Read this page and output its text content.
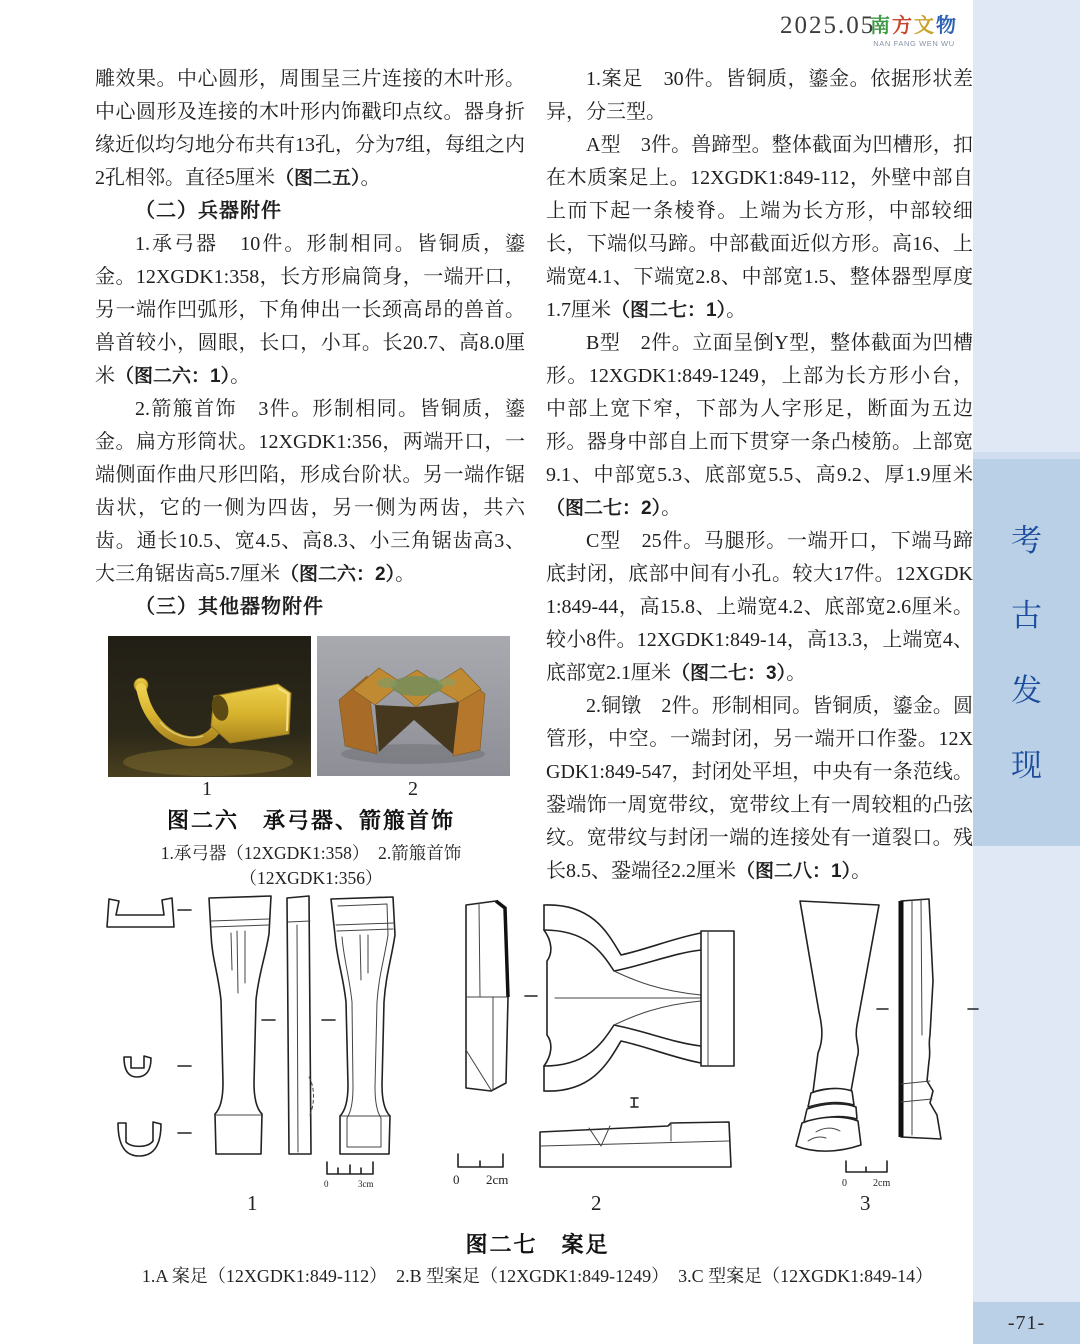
考
古
发
现
-71-
2025.05
南方文物
NAN FANG WEN WU
雕效果。中心圆形，周围呈三片连接的木叶形。中心圆形及连接的木叶形内饰戳印点纹。器身折缘近似均匀地分布共有13孔，分为7组，每组之内2孔相邻。直径5厘米（图二五）。
（二）兵器附件
1.承弓器　10件。形制相同。皆铜质，鎏金。12XGDK1:358，长方形扁筒身，一端开口，另一端作凹弧形，下角伸出一长颈高昂的兽首。兽首较小，圆眼，长口，小耳。长20.7、高8.0厘米（图二六：1）。
2.箭箙首饰　3件。形制相同。皆铜质，鎏金。扁方形筒状。12XGDK1:356，两端开口，一端侧面作曲尺形凹陷，形成台阶状。另一端作锯齿状，它的一侧为四齿，另一侧为两齿，共六齿。通长10.5、宽4.5、高8.3、小三角锯齿高3、大三角锯齿高5.7厘米（图二六：2）。
（三）其他器物附件
1.案足　30件。皆铜质，鎏金。依据形状差异，分三型。
A型　3件。兽蹄型。整体截面为凹槽形，扣在木质案足上。12XGDK1:849-112，外壁中部自上而下起一条棱脊。上端为长方形，中部较细长，下端似马蹄。中部截面近似方形。高16、上端宽4.1、下端宽2.8、中部宽1.5、整体器型厚度1.7厘米（图二七：1）。
B型　2件。立面呈倒Y型，整体截面为凹槽形。12XGDK1:849-1249，上部为长方形小台，中部上宽下窄，下部为人字形足，断面为五边形。器身中部自上而下贯穿一条凸棱筋。上部宽9.1、中部宽5.3、底部宽5.5、高9.2、厚1.9厘米（图二七：2）。
C型　25件。马腿形。一端开口，下端马蹄底封闭，底部中间有小孔。较大17件。12XGDK1:849-44，高15.8、上端宽4.2、底部宽2.6厘米。较小8件。12XGDK1:849-14，高13.3，上端宽4、底部宽2.1厘米（图二七：3）。
2.铜镦　2件。形制相同。皆铜质，鎏金。圆管形，中空。一端封闭，另一端开口作銎。12XGDK1:849-547，封闭处平坦，中央有一条范线。銎端饰一周宽带纹，宽带纹上有一周较粗的凸弦纹。宽带纹与封闭一端的连接处有一道裂口。残长8.5、銎端径2.2厘米（图二八：1）。
1	2
图二六　承弓器、箭箙首饰
1.承弓器（12XGDK1:358）　2.箭箙首饰（12XGDK1:356）
0	3cm
1
0 2cm
2
0	2cm
3
图二七　案足
1.A 案足（12XGDK1:849-112）　2.B 型案足（12XGDK1:849-1249）　3.C 型案足（12XGDK1:849-14）
